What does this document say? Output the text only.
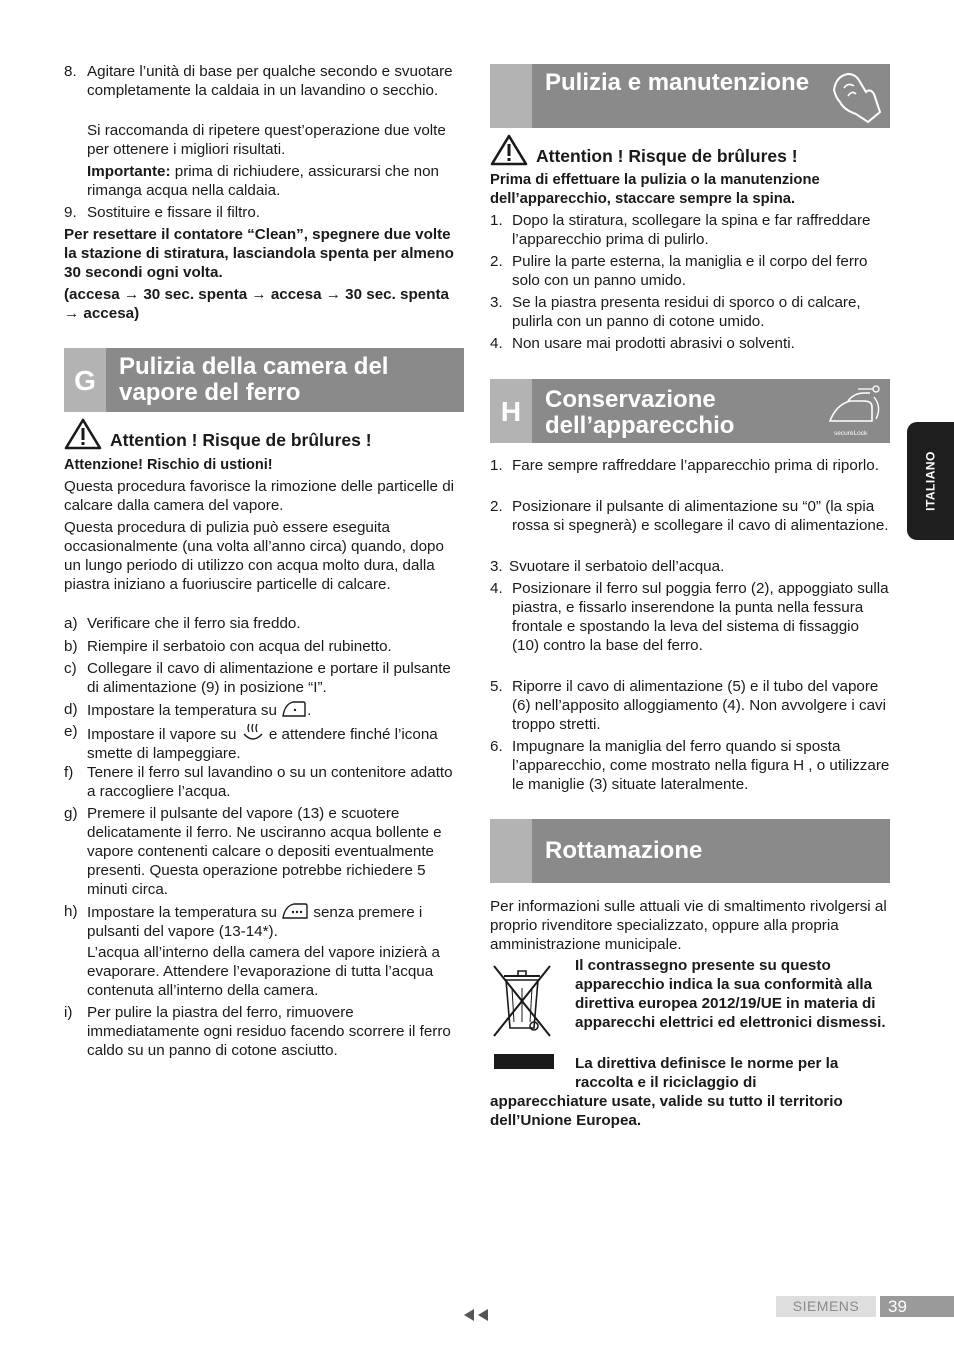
8. Agitare l’unità di base per qualche secondo e svuotare completamente la caldaia in un lavandino o secchio.
Si raccomanda di ripetere quest’operazione due volte per ottenere i migliori risultati.
Importante: prima di richiudere, assicurarsi che non rimanga acqua nella caldaia.
9. Sostituire e fissare il filtro.
Per resettare il contatore “Clean”, spegnere due volte la stazione di stiratura, lasciandola spenta per almeno 30 secondi ogni volta.
(accesa → 30 sec. spenta → accesa → 30 sec. spenta → accesa)
G Pulizia della camera del vapore del ferro
Attention ! Risque de brûlures !
Attenzione! Rischio di ustioni!
Questa procedura favorisce la rimozione delle particelle di calcare dalla camera del vapore.
Questa procedura di pulizia può essere eseguita occasionalmente (una volta all’anno circa) quando, dopo un lungo periodo di utilizzo con acqua molto dura, dalla piastra iniziano a fuoriuscire particelle di calcare.
a) Verificare che il ferro sia freddo.
b) Riempire il serbatoio con acqua del rubinetto.
c) Collegare il cavo di alimentazione e portare il pulsante di alimentazione (9) in posizione “I”.
d) Impostare la temperatura su .
e) Impostare il vapore su  e attendere finché l’icona smette di lampeggiare.
f) Tenere il ferro sul lavandino o su un contenitore adatto a raccogliere l’acqua.
g) Premere il pulsante del vapore (13) e scuotere delicatamente il ferro. Ne usciranno acqua bollente e vapore contenenti calcare o depositi eventualmente presenti. Questa operazione potrebbe richiedere 5 minuti circa.
h) Impostare la temperatura su  senza premere i pulsanti del vapore (13-14*).
L’acqua all’interno della camera del vapore inizierà a evaporare. Attendere l’evaporazione di tutta l’acqua contenuta all’interno della camera.
i) Per pulire la piastra del ferro, rimuovere immediatamente ogni residuo facendo scorrere il ferro caldo su un panno di cotone asciutto.
Pulizia e manutenzione
Attention ! Risque de brûlures !
Prima di effettuare la pulizia o la manutenzione dell’apparecchio, staccare sempre la spina.
1. Dopo la stiratura, scollegare la spina e far raffreddare l’apparecchio prima di pulirlo.
2. Pulire la parte esterna, la maniglia e il corpo del ferro solo con un panno umido.
3. Se la piastra presenta residui di sporco o di calcare, pulirla con un panno di cotone umido.
4. Non usare mai prodotti abrasivi o solventi.
H Conservazione dell’apparecchio	secureLock
1. Fare sempre raffreddare l’apparecchio prima di riporlo.
2. Posizionare il pulsante di alimentazione su “0” (la spia rossa si spegnerà) e scollegare il cavo di alimentazione.
3. Svuotare il serbatoio dell’acqua.
4. Posizionare il ferro sul poggia ferro (2), appoggiato sulla piastra, e fissarlo inserendone la punta nella fessura frontale e spostando la leva del sistema di fissaggio (10) contro la base del ferro.
5. Riporre il cavo di alimentazione (5) e il tubo del vapore (6) nell’apposito alloggiamento (4). Non avvolgere i cavi troppo stretti.
6. Impugnare la maniglia del ferro quando si sposta l’apparecchio, come mostrato nella figura H , o utilizzare le maniglie (3) situate lateralmente.
Rottamazione
Per informazioni sulle attuali vie di smaltimento rivolgersi al proprio rivenditore specializzato, oppure alla propria amministrazione municipale.
Il contrassegno presente su questo apparecchio indica la sua conformità alla direttiva europea 2012/19/UE in materia di apparecchi elettrici ed elettronici dismessi.
La direttiva definisce le norme per la raccolta e il riciclaggio di
apparecchiature usate, valide su tutto il territorio dell’Unione Europea.
ITALIANO
SIEMENS	39
